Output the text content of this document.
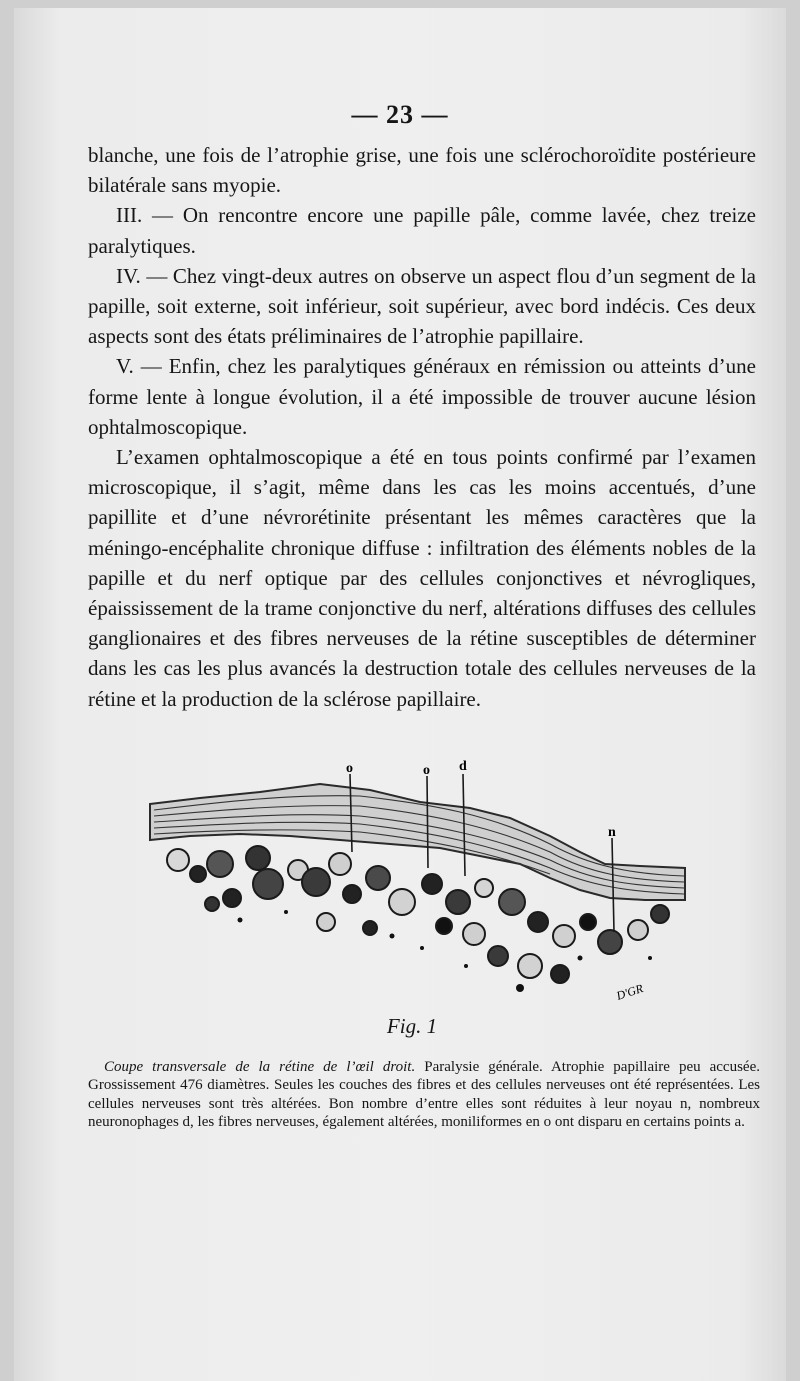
— 23 —

blanche, une fois de l’atrophie grise, une fois une sclérochoroïdite postérieure bilatérale sans myopie.

III. — On rencontre encore une papille pâle, comme lavée, chez treize paralytiques.

IV. — Chez vingt-deux autres on observe un aspect flou d’un segment de la papille, soit externe, soit inférieur, soit supérieur, avec bord indécis. Ces deux aspects sont des états préliminaires de l’atrophie papillaire.

V. — Enfin, chez les paralytiques généraux en rémission ou atteints d’une forme lente à longue évolution, il a été impossible de trouver aucune lésion ophtalmoscopique.

L’examen ophtalmoscopique a été en tous points confirmé par l’examen microscopique, il s’agit, même dans les cas les moins accentués, d’une papillite et d’une névrorétinite présentant les mêmes caractères que la méningo-encéphalite chronique diffuse : infiltration des éléments nobles de la papille et du nerf optique par des cellules conjonctives et névrogliques, épaississement de la trame conjonctive du nerf, altérations diffuses des cellules ganglionaires et des fibres nerveuses de la rétine susceptibles de déterminer dans les cas les plus avancés la destruction totale des cellules nerveuses de la rétine et la production de la sclérose papillaire.

o	o d
n
D'GR
Fig. 1
Coupe transversale de la rétine de l’œil droit. Paralysie générale. Atrophie papillaire peu accusée. Grossissement 476 diamètres. Seules les couches des fibres et des cellules nerveuses ont été représentées. Les cellules nerveuses sont très altérées. Bon nombre d’entre elles sont réduites à leur noyau n, nombreux neuronophages d, les fibres nerveuses, également altérées, moniliformes en o ont disparu en certains points a.
